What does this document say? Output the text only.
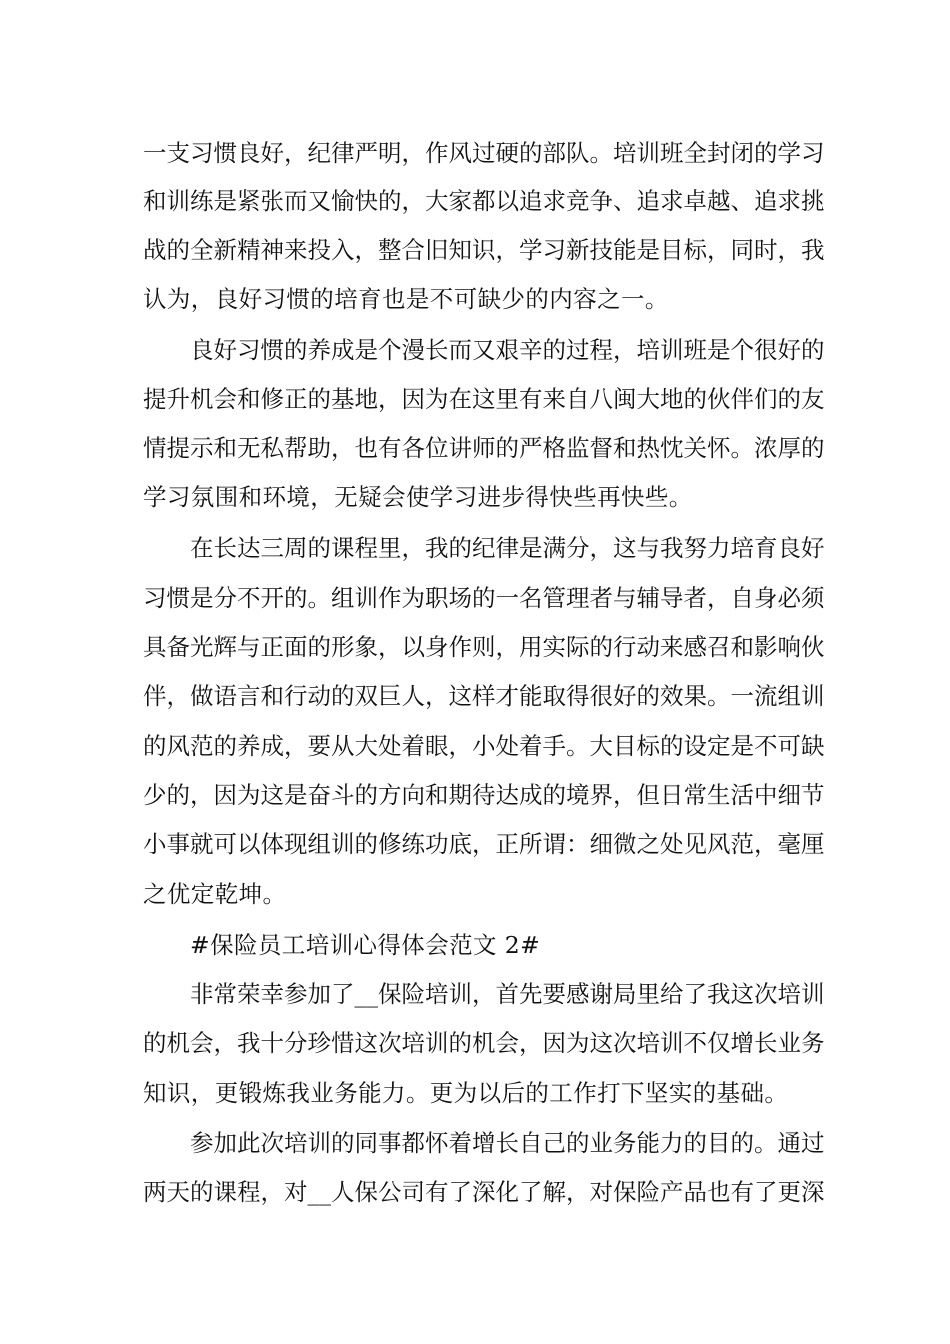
一支习惯良好，纪律严明，作风过硬的部队。培训班全封闭的学习
和训练是紧张而又愉快的，大家都以追求竞争、追求卓越、追求挑
战的全新精神来投入，整合旧知识，学习新技能是目标，同时，我
认为，良好习惯的培育也是不可缺少的内容之一。
良好习惯的养成是个漫长而又艰辛的过程，培训班是个很好的
提升机会和修正的基地，因为在这里有来自八闽大地的伙伴们的友
情提示和无私帮助，也有各位讲师的严格监督和热忱关怀。浓厚的
学习氛围和环境，无疑会使学习进步得快些再快些。
在长达三周的课程里，我的纪律是满分，这与我努力培育良好
习惯是分不开的。组训作为职场的一名管理者与辅导者，自身必须
具备光辉与正面的形象，以身作则，用实际的行动来感召和影响伙
伴，做语言和行动的双巨人，这样才能取得很好的效果。一流组训
的风范的养成，要从大处着眼，小处着手。大目标的设定是不可缺
少的，因为这是奋斗的方向和期待达成的境界，但日常生活中细节
小事就可以体现组训的修练功底，正所谓：细微之处见风范，毫厘
之优定乾坤。
#保险员工培训心得体会范文 2#
非常荣幸参加了__保险培训，首先要感谢局里给了我这次培训
的机会，我十分珍惜这次培训的机会，因为这次培训不仅增长业务
知识，更锻炼我业务能力。更为以后的工作打下坚实的基础。
参加此次培训的同事都怀着增长自己的业务能力的目的。通过
两天的课程，对__人保公司有了深化了解，对保险产品也有了更深
